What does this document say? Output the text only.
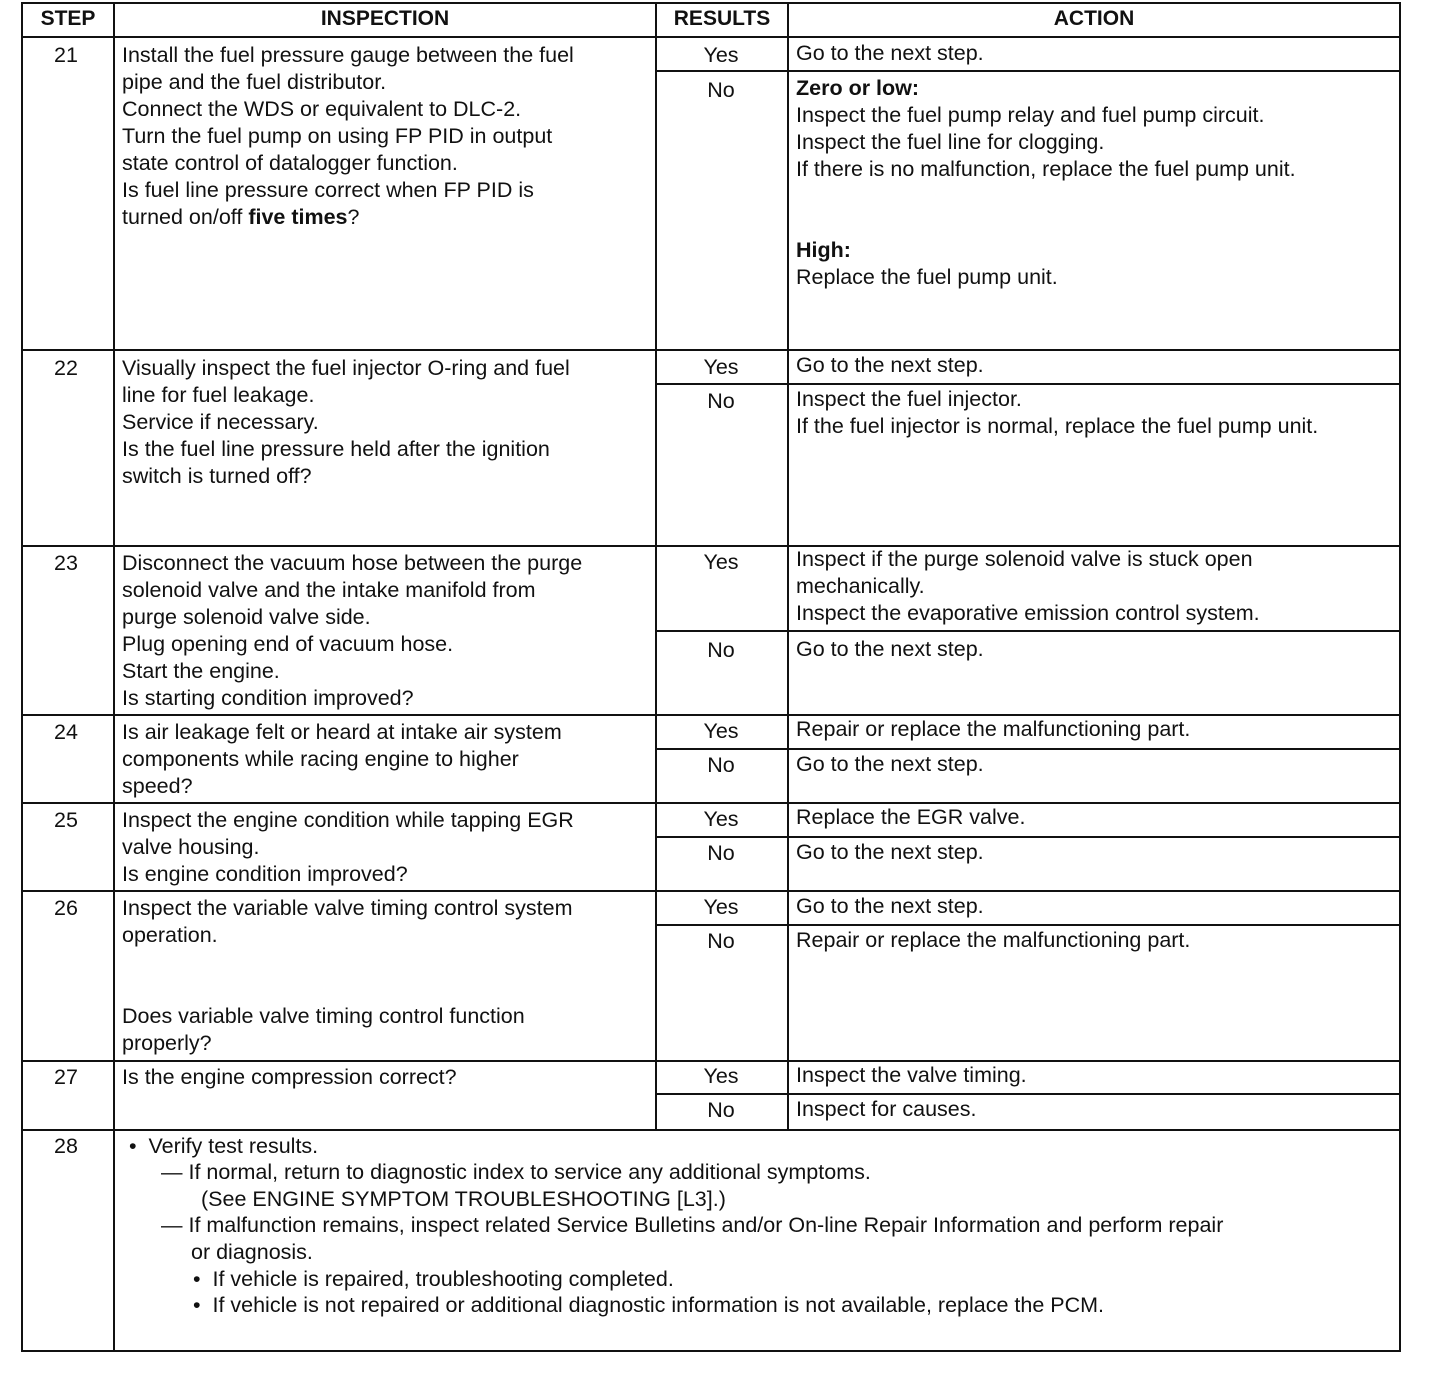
STEP	INSPECTION	RESULTS	ACTION
21	Install the fuel pressure gauge between the fuel
pipe and the fuel distributor.
Connect the WDS or equivalent to DLC-2.
Turn the fuel pump on using FP PID in output
state control of datalogger function.
Is fuel line pressure correct when FP PID is
turned on/off five times?
Yes	Go to the next step.
No	Zero or low:
Inspect the fuel pump relay and fuel pump circuit.
Inspect the fuel line for clogging.
If there is no malfunction, replace the fuel pump unit.

High:
Replace the fuel pump unit.
22	Visually inspect the fuel injector O-ring and fuel
line for fuel leakage.
Service if necessary.
Is the fuel line pressure held after the ignition
switch is turned off?
Yes	Go to the next step.
No	Inspect the fuel injector.
If the fuel injector is normal, replace the fuel pump unit.
23	Disconnect the vacuum hose between the purge
solenoid valve and the intake manifold from
purge solenoid valve side.
Plug opening end of vacuum hose.
Start the engine.
Is starting condition improved?
Yes	Inspect if the purge solenoid valve is stuck open
mechanically.
Inspect the evaporative emission control system.
No	Go to the next step.
24	Is air leakage felt or heard at intake air system
components while racing engine to higher
speed?
Yes	Repair or replace the malfunctioning part.
No	Go to the next step.
25	Inspect the engine condition while tapping EGR
valve housing.
Is engine condition improved?
Yes	Replace the EGR valve.
No	Go to the next step.
26	Inspect the variable valve timing control system
operation.

Does variable valve timing control function
properly?
Yes	Go to the next step.
No	Repair or replace the malfunctioning part.
27	Is the engine compression correct?	Yes	Inspect the valve timing.
No	Inspect for causes.
28	•  Verify test results.
— If normal, return to diagnostic index to service any additional symptoms.
(See ENGINE SYMPTOM TROUBLESHOOTING [L3].)
— If malfunction remains, inspect related Service Bulletins and/or On-line Repair Information and perform repair
or diagnosis.
•  If vehicle is repaired, troubleshooting completed.
•  If vehicle is not repaired or additional diagnostic information is not available, replace the PCM.
